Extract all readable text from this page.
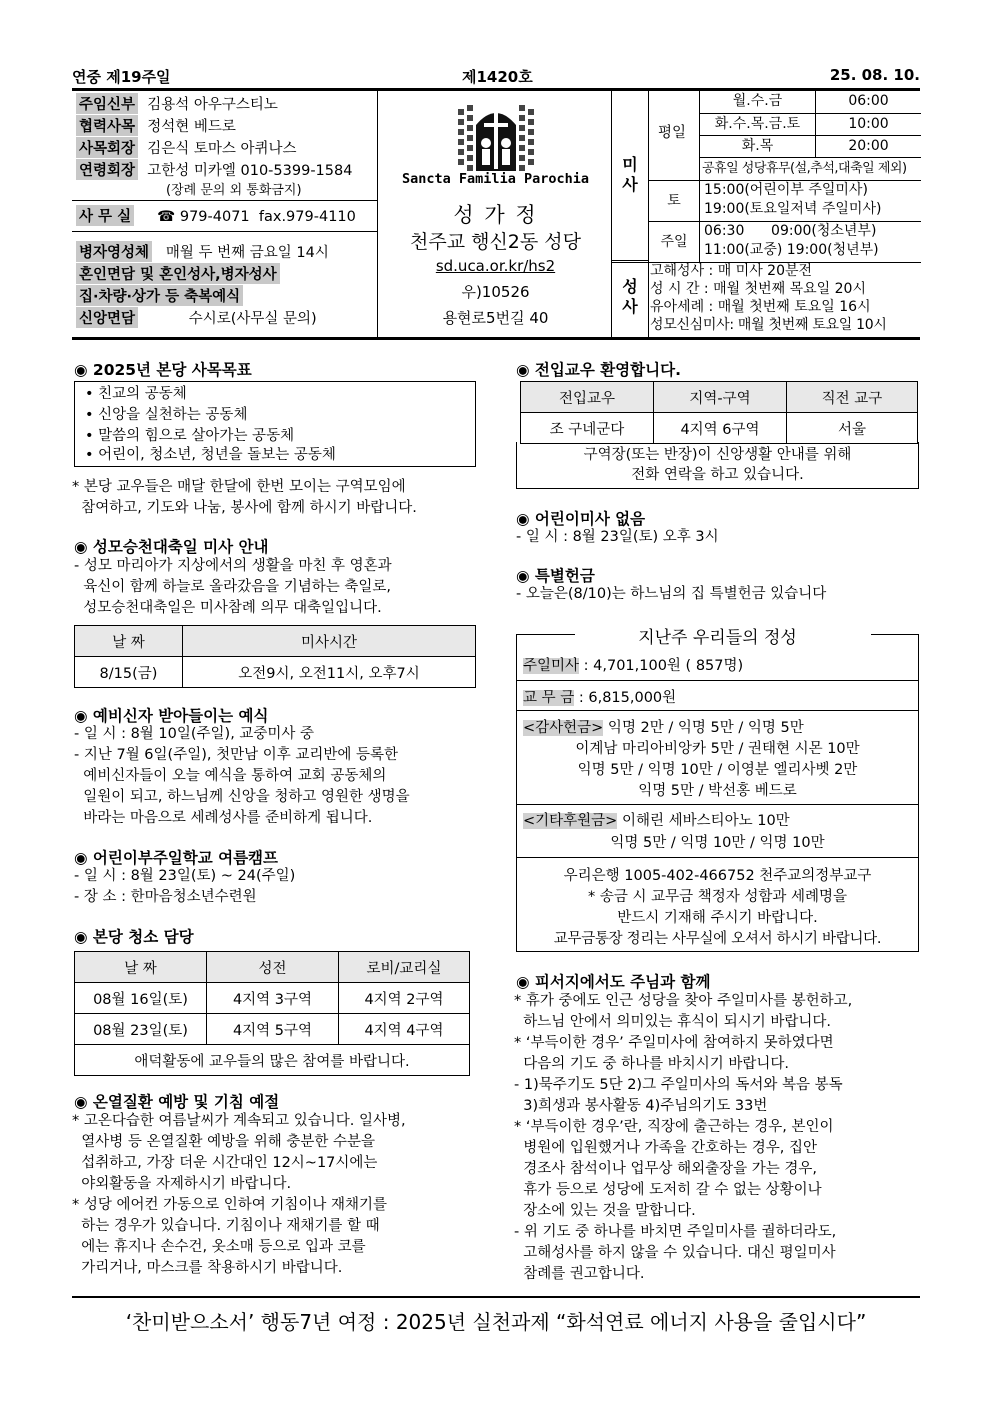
연중 제19주일	제1420호	25. 08. 10.
주임신부 김용석 아우구스티노
협력사목 정석현 베드로
사목회장 김은식 토마스 아퀴나스
연령회장 고한성 미카엘 010-5399-1584
(장례 문의 외 통화금지)
사 무 실 ☎ 979-4071 fax.979-4110
병자영성체 매월 두 번째 금요일 14시
혼인면담 및 혼인성사,병자성사
집·차량·상가 등 축복예식
신앙면담	수시로(사무실 문의)
Sancta Familia Parochia
성 가 정
천주교 행신2동 성당
sd.uca.or.kr/hs2
우)10526
용현로5번길 40
미 사
평일
월.수.금	06:00
화.수.목.금.토	10:00
화.목	20:00
공휴일 성당휴무(설,추석,대축일 제외)
토
15:00(어린이부 주일미사)
19:00(토요일저녁 주일미사)
주일
06:30      09:00(청소년부)
11:00(교중) 19:00(청년부)
성 사
고해성사 : 매 미사 20분전
성 시 간 : 매월 첫번째 목요일 20시
유아세례 : 매월 첫번째 토요일 16시
성모신심미사: 매월 첫번째 토요일 10시
◉ 2025년 본당 사목목표
• 친교의 공동체
• 신앙을 실천하는 공동체
• 말씀의 힘으로 살아가는 공동체
• 어린이, 청소년, 청년을 돌보는 공동체
* 본당 교우들은 매달 한달에 한번 모이는 구역모임에
참여하고, 기도와 나눔, 봉사에 함께 하시기 바랍니다.
◉ 성모승천대축일 미사 안내
- 성모 마리아가 지상에서의 생활을 마친 후 영혼과
육신이 함께 하늘로 올라갔음을 기념하는 축일로,
성모승천대축일은 미사참례 의무 대축일입니다.
날 짜	미사시간
8/15(금)	오전9시, 오전11시, 오후7시
◉ 예비신자 받아들이는 예식
- 일 시 : 8월 10일(주일), 교중미사 중
- 지난 7월 6일(주일), 첫만남 이후 교리반에 등록한
예비신자들이 오늘 예식을 통하여 교회 공동체의
일원이 되고, 하느님께 신앙을 청하고 영원한 생명을
바라는 마음으로 세례성사를 준비하게 됩니다.
◉ 어린이부주일학교 여름캠프
- 일 시 : 8월 23일(토) ~ 24(주일)
- 장 소 : 한마음청소년수련원
◉ 본당 청소 담당
날 짜	성전	로비/교리실
08월 16일(토)	4지역 3구역	4지역 2구역
08월 23일(토)	4지역 5구역	4지역 4구역
애덕활동에 교우들의 많은 참여를 바랍니다.		
◉ 온열질환 예방 및 기침 예절
* 고온다습한 여름날씨가 계속되고 있습니다. 일사병,
열사병 등 온열질환 예방을 위해 충분한 수분을
섭취하고, 가장 더운 시간대인 12시~17시에는
야외활동을 자제하시기 바랍니다.
* 성당 에어컨 가동으로 인하여 기침이나 재채기를
하는 경우가 있습니다. 기침이나 재채기를 할 때
에는 휴지나 손수건, 옷소매 등으로 입과 코를
가리거나, 마스크를 착용하시기 바랍니다.
◉ 전입교우 환영합니다.
전입교우	지역-구역	직전 교구
조 구네군다	4지역 6구역	서울
구역장(또는 반장)이 신앙생활 안내를 위해
전화 연락을 하고 있습니다.
◉ 어린이미사 없음
- 일 시 : 8월 23일(토) 오후 3시
◉ 특별헌금
- 오늘은(8/10)는 하느님의 집 특별헌금 있습니다
지난주 우리들의 정성
주일미사 : 4,701,100원 ( 857명)
교 무 금 : 6,815,000원
<감사헌금> 익명 2만 / 익명 5만 / 익명 5만
이계남 마리아비앙카 5만 / 권태현 시몬 10만
익명 5만 / 익명 10만 / 이영분 엘리사벳 2만
익명 5만 / 박선홍 베드로
<기타후원금> 이해린 세바스티아노 10만
익명 5만 / 익명 10만 / 익명 10만
우리은행 1005-402-466752 천주교의정부교구
* 송금 시 교무금 책정자 성함과 세례명을
반드시 기재해 주시기 바랍니다.
교무금통장 정리는 사무실에 오셔서 하시기 바랍니다.
◉ 피서지에서도 주님과 함께
* 휴가 중에도 인근 성당을 찾아 주일미사를 봉헌하고,
하느님 안에서 의미있는 휴식이 되시기 바랍니다.
* ‘부득이한 경우’ 주일미사에 참여하지 못하였다면
다음의 기도 중 하나를 바치시기 바랍니다.
- 1)묵주기도 5단 2)그 주일미사의 독서와 복음 봉독
3)희생과 봉사활동 4)주님의기도 33번
* ‘부득이한 경우’란, 직장에 출근하는 경우, 본인이
병원에 입원했거나 가족을 간호하는 경우, 집안
경조사 참석이나 업무상 해외출장을 가는 경우,
휴가 등으로 성당에 도저히 갈 수 없는 상황이나
장소에 있는 것을 말합니다.
- 위 기도 중 하나를 바치면 주일미사를 궐하더라도,
고해성사를 하지 않을 수 있습니다. 대신 평일미사
참례를 권고합니다.
‘찬미받으소서’ 행동7년 여정 : 2025년 실천과제 “화석연료 에너지 사용을 줄입시다”
